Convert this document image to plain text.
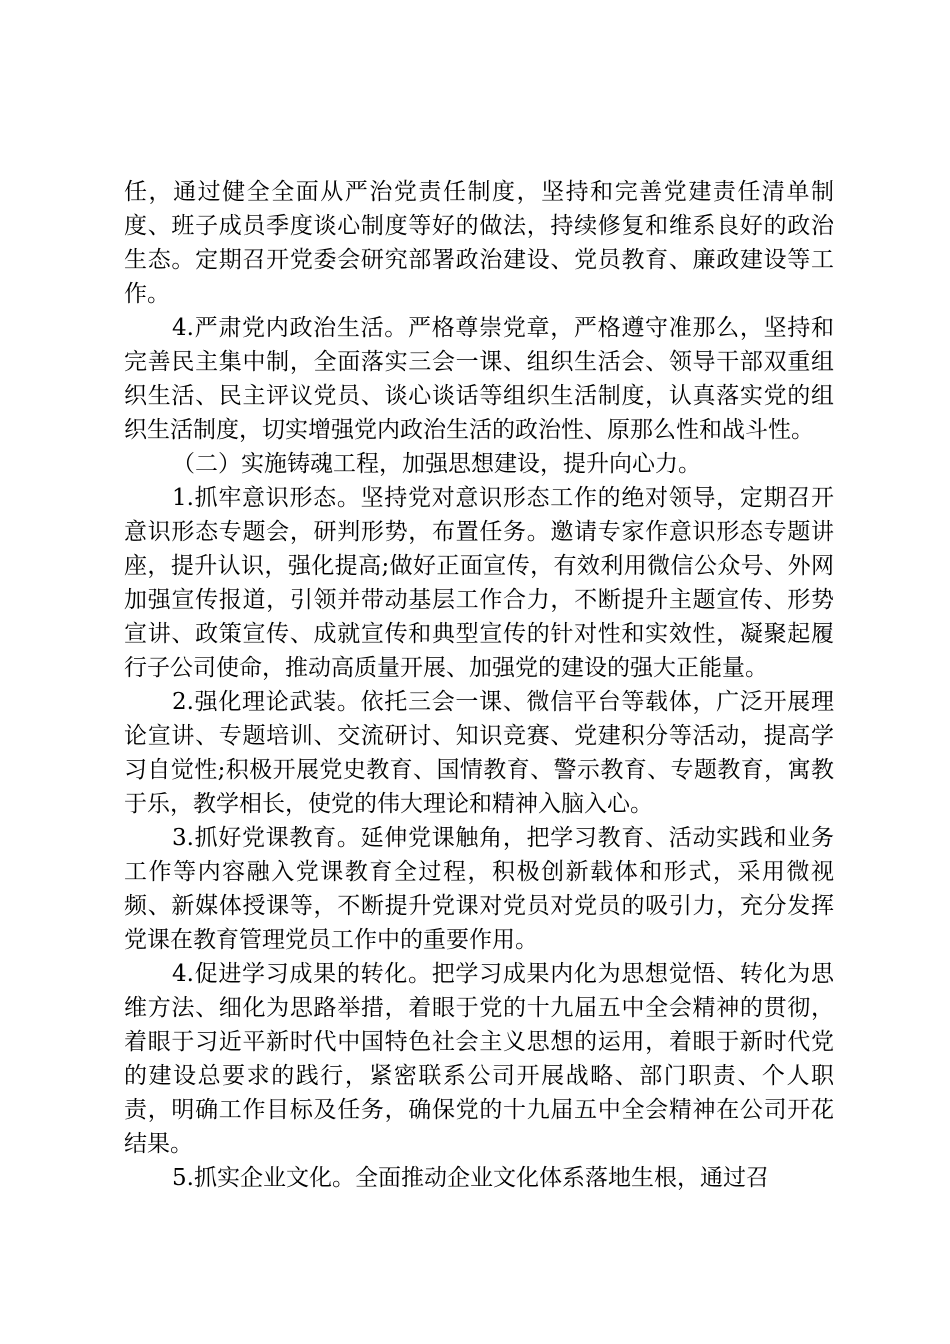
任，通过健全全面从严治党责任制度，坚持和完善党建责任清单制度、班子成员季度谈心制度等好的做法，持续修复和维系良好的政治生态。定期召开党委会研究部署政治建设、党员教育、廉政建设等工作。

4.严肃党内政治生活。严格尊崇党章，严格遵守准那么，坚持和完善民主集中制，全面落实三会一课、组织生活会、领导干部双重组织生活、民主评议党员、谈心谈话等组织生活制度，认真落实党的组织生活制度，切实增强党内政治生活的政治性、原那么性和战斗性。

（二）实施铸魂工程，加强思想建设，提升向心力。

1.抓牢意识形态。坚持党对意识形态工作的绝对领导，定期召开意识形态专题会，研判形势，布置任务。邀请专家作意识形态专题讲座，提升认识，强化提高;做好正面宣传，有效利用微信公众号、外网加强宣传报道，引领并带动基层工作合力，不断提升主题宣传、形势宣讲、政策宣传、成就宣传和典型宣传的针对性和实效性，凝聚起履行子公司使命，推动高质量开展、加强党的建设的强大正能量。

2.强化理论武装。依托三会一课、微信平台等载体，广泛开展理论宣讲、专题培训、交流研讨、知识竞赛、党建积分等活动，提高学习自觉性;积极开展党史教育、国情教育、警示教育、专题教育，寓教于乐，教学相长，使党的伟大理论和精神入脑入心。

3.抓好党课教育。延伸党课触角，把学习教育、活动实践和业务工作等内容融入党课教育全过程，积极创新载体和形式，采用微视频、新媒体授课等，不断提升党课对党员对党员的吸引力，充分发挥党课在教育管理党员工作中的重要作用。

4.促进学习成果的转化。把学习成果内化为思想觉悟、转化为思维方法、细化为思路举措，着眼于党的十九届五中全会精神的贯彻，着眼于习近平新时代中国特色社会主义思想的运用，着眼于新时代党的建设总要求的践行，紧密联系公司开展战略、部门职责、个人职责，明确工作目标及任务，确保党的十九届五中全会精神在公司开花结果。

5.抓实企业文化。全面推动企业文化体系落地生根，通过召
